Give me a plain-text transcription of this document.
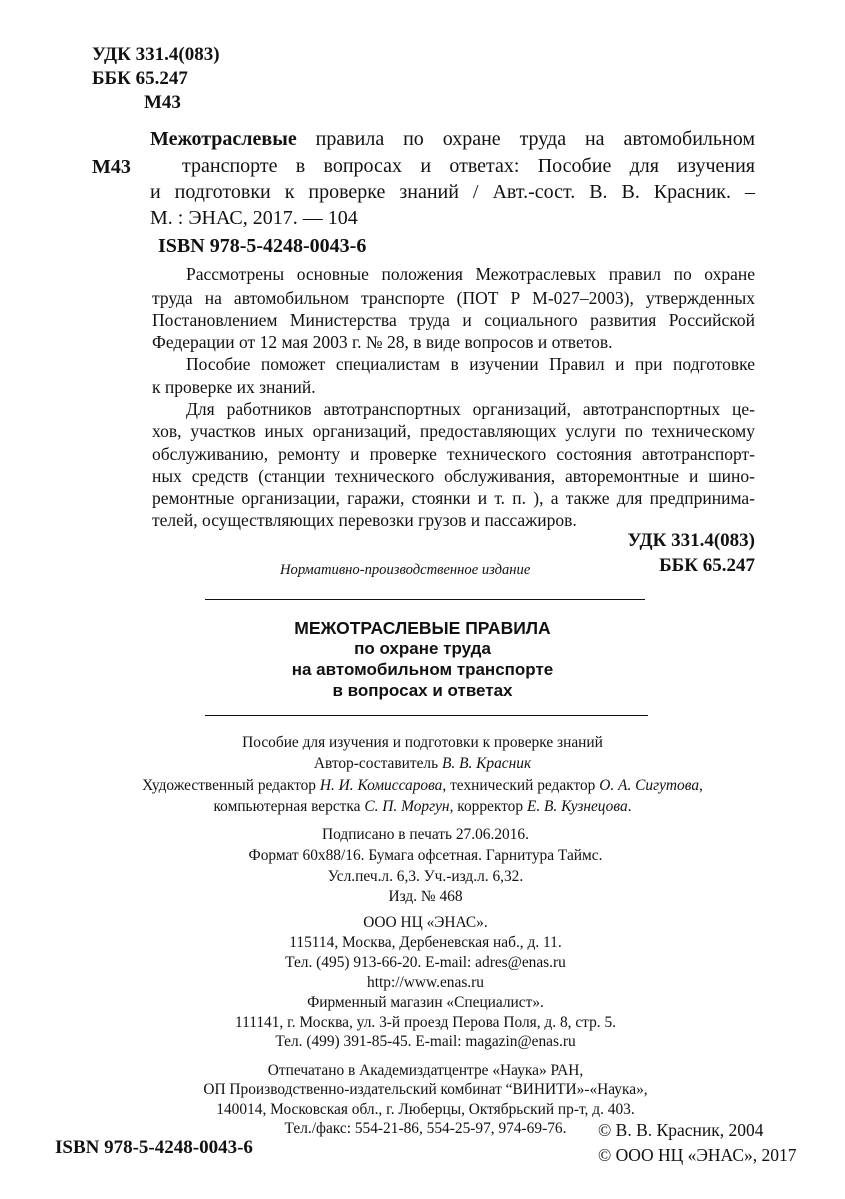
УДК 331.4(083)
ББК 65.247
М43
М43
Межотраслевые правила по охране труда на автомобильном
транспорте в вопросах и ответах: Пособие для изучения
и подготовки к проверке знаний / Авт.-сост. В. В. Красник. –
М. : ЭНАС, 2017. — 104
ISBN 978-5-4248-0043-6
Рассмотрены основные положения Межотраслевых правил по охране
труда на автомобильном транспорте (ПОТ Р М-027–2003), утвержденных
Постановлением Министерства труда и социального развития Российской
Федерации от 12 мая 2003 г. № 28, в виде вопросов и ответов.
Пособие поможет специалистам в изучении Правил и при подготовке
к проверке их знаний.
Для работников автотранспортных организаций, автотранспортных це-
хов, участков иных организаций, предоставляющих услуги по техническому
обслуживанию, ремонту и проверке технического состояния автотранспорт-
ных средств (станции технического обслуживания, авторемонтные и шино-
ремонтные организации, гаражи, стоянки и т. п. ), а также для предпринима-
телей, осуществляющих перевозки грузов и пассажиров.
УДК 331.4(083)
ББК 65.247
Нормативно-производственное издание
МЕЖОТРАСЛЕВЫЕ ПРАВИЛА
по охране труда
на автомобильном транспорте
в вопросах и ответах
Пособие для изучения и подготовки к проверке знаний
Автор-составитель В. В. Красник
Художественный редактор Н. И. Комиссарова, технический редактор О. А. Сигутова,
компьютерная верстка С. П. Моргун, корректор Е. В. Кузнецова.
Подписано в печать 27.06.2016.
Формат 60х88/16. Бумага офсетная. Гарнитура Таймс.
Усл.печ.л. 6,3. Уч.-изд.л. 6,32.
Изд. № 468
ООО НЦ «ЭНАС».
115114, Москва, Дербеневская наб., д. 11.
Тел. (495) 913-66-20. E-mail: adres@enas.ru
http://www.enas.ru
Фирменный магазин «Специалист».
111141, г. Москва, ул. 3-й проезд Перова Поля, д. 8, стр. 5.
Тел. (499) 391-85-45. E-mail: magazin@enas.ru
Отпечатано в Академиздатцентре «Наука» РАН,
ОП Производственно-издательский комбинат “ВИНИТИ»-«Наука»,
140014, Московская обл., г. Люберцы, Октябрьский пр-т, д. 403.
Тел./факс: 554-21-86, 554-25-97, 974-69-76.
ISBN 978-5-4248-0043-6
© В. В. Красник, 2004
© ООО НЦ «ЭНАС», 2017
